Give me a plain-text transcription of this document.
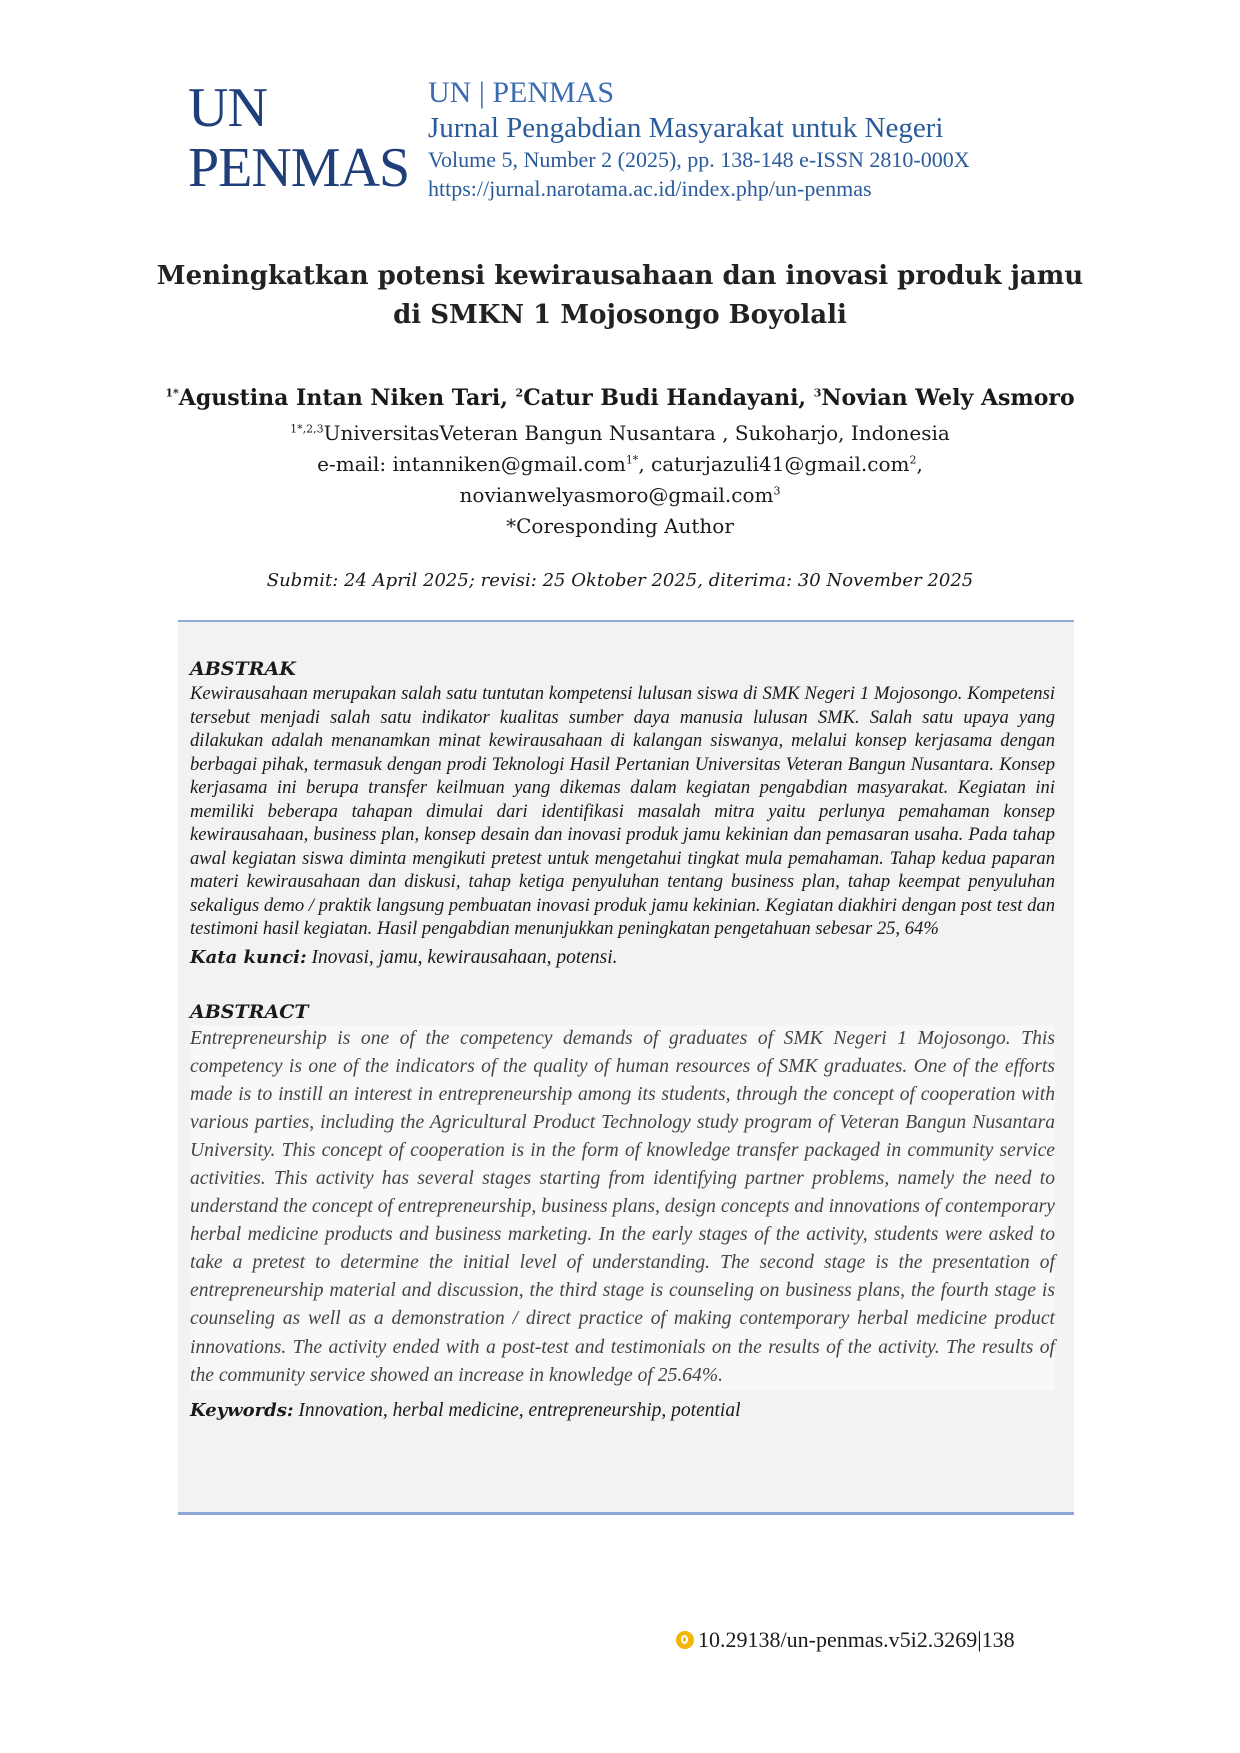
UN
PENMAS
UN | PENMAS
Jurnal Pengabdian Masyarakat untuk Negeri
Volume 5, Number 2 (2025), pp. 138-148 e-ISSN 2810-000X
https://jurnal.narotama.ac.id/index.php/un-penmas
Meningkatkan potensi kewirausahaan dan inovasi produk jamu
di SMKN 1 Mojosongo Boyolali
$^{1*}$Agustina Intan Niken Tari, $^2$Catur Budi Handayani, $^3$Novian Wely Asmoro
$^{1*,2,3}$UniversitasVeteran Bangun Nusantara , Sukoharjo, Indonesia
e-mail: intanniken@gmail.com$^{1*}$, caturjazuli41@gmail.com$^2$,
novianwelyasmoro@gmail.com$^3$
*Coresponding Author
Submit: 24 April 2025; revisi: 25 Oktober 2025, diterima: 30 November 2025

ABSTRAK

Kewirausahaan merupakan salah satu tuntutan kompetensi lulusan siswa di SMK Negeri 1 Mojosongo. Kompetensi tersebut menjadi salah satu indikator kualitas sumber daya manusia lulusan SMK. Salah satu upaya yang dilakukan adalah menanamkan minat kewirausahaan di kalangan siswanya, melalui konsep kerjasama dengan berbagai pihak, termasuk dengan prodi Teknologi Hasil Pertanian Universitas Veteran Bangun Nusantara. Konsep kerjasama ini berupa transfer keilmuan yang dikemas dalam kegiatan pengabdian masyarakat. Kegiatan ini memiliki beberapa tahapan dimulai dari identifikasi masalah mitra yaitu perlunya pemahaman konsep kewirausahaan, business plan, konsep desain dan inovasi produk jamu kekinian dan pemasaran usaha. Pada tahap awal kegiatan siswa diminta mengikuti pretest untuk mengetahui tingkat mula pemahaman. Tahap kedua paparan materi kewirausahaan dan diskusi, tahap ketiga penyuluhan tentang business plan, tahap keempat penyuluhan sekaligus demo / praktik langsung pembuatan inovasi produk jamu kekinian. Kegiatan diakhiri dengan post test dan testimoni hasil kegiatan. Hasil pengabdian menunjukkan peningkatan pengetahuan sebesar 25, 64%

Kata kunci: Inovasi, jamu, kewirausahaan, potensi.

ABSTRACT

Entrepreneurship is one of the competency demands of graduates of SMK Negeri 1 Mojosongo. This competency is one of the indicators of the quality of human resources of SMK graduates. One of the efforts made is to instill an interest in entrepreneurship among its students, through the concept of cooperation with various parties, including the Agricultural Product Technology study program of Veteran Bangun Nusantara University. This concept of cooperation is in the form of knowledge transfer packaged in community service activities. This activity has several stages starting from identifying partner problems, namely the need to understand the concept of entrepreneurship, business plans, design concepts and innovations of contemporary herbal medicine products and business marketing. In the early stages of the activity, students were asked to take a pretest to determine the initial level of understanding. The second stage is the presentation of entrepreneurship material and discussion, the third stage is counseling on business plans, the fourth stage is counseling as well as a demonstration / direct practice of making contemporary herbal medicine product innovations. The activity ended with a post-test and testimonials on the results of the activity. The results of the community service showed an increase in knowledge of 25.64%.

Keywords: Innovation, herbal medicine, entrepreneurship, potential

10.29138/un-penmas.v5i2.3269 |138
